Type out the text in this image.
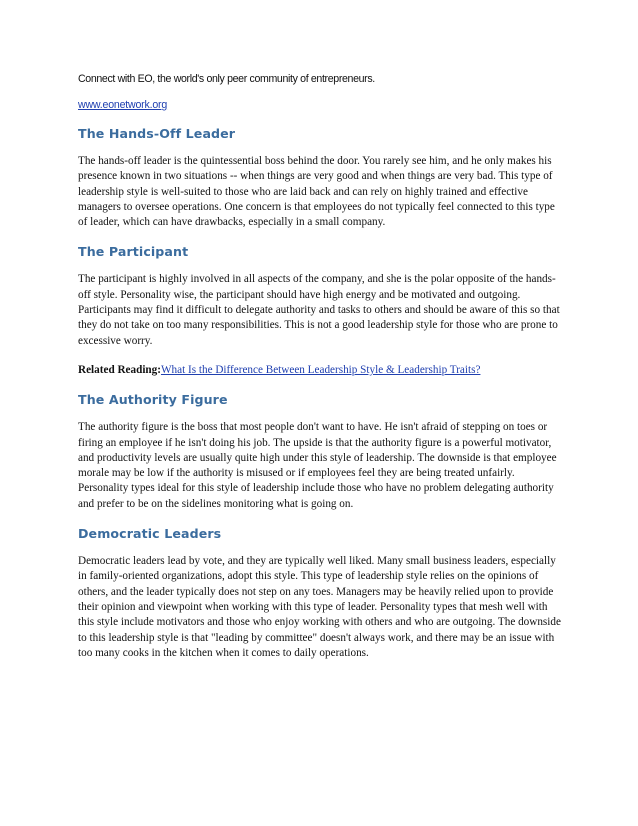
Connect with EO, the world's only peer community of entrepreneurs.

www.eonetwork.org

The Hands-Off Leader

The hands-off leader is the quintessential boss behind the door. You rarely see him, and he only makes his presence known in two situations -- when things are very good and when things are very bad. This type of leadership style is well-suited to those who are laid back and can rely on highly trained and effective managers to oversee operations. One concern is that employees do not typically feel connected to this type of leader, which can have drawbacks, especially in a small company.

The Participant

The participant is highly involved in all aspects of the company, and she is the polar opposite of the hands-off style. Personality wise, the participant should have high energy and be motivated and outgoing. Participants may find it difficult to delegate authority and tasks to others and should be aware of this so that they do not take on too many responsibilities. This is not a good leadership style for those who are prone to excessive worry.

Related Reading:What Is the Difference Between Leadership Style & Leadership Traits?

The Authority Figure

The authority figure is the boss that most people don't want to have. He isn't afraid of stepping on toes or firing an employee if he isn't doing his job. The upside is that the authority figure is a powerful motivator, and productivity levels are usually quite high under this style of leadership. The downside is that employee morale may be low if the authority is misused or if employees feel they are being treated unfairly. Personality types ideal for this style of leadership include those who have no problem delegating authority and prefer to be on the sidelines monitoring what is going on.

Democratic Leaders

Democratic leaders lead by vote, and they are typically well liked. Many small business leaders, especially in family-oriented organizations, adopt this style. This type of leadership style relies on the opinions of others, and the leader typically does not step on any toes. Managers may be heavily relied upon to provide their opinion and viewpoint when working with this type of leader. Personality types that mesh well with this style include motivators and those who enjoy working with others and who are outgoing. The downside to this leadership style is that "leading by committee" doesn't always work, and there may be an issue with too many cooks in the kitchen when it comes to daily operations.
